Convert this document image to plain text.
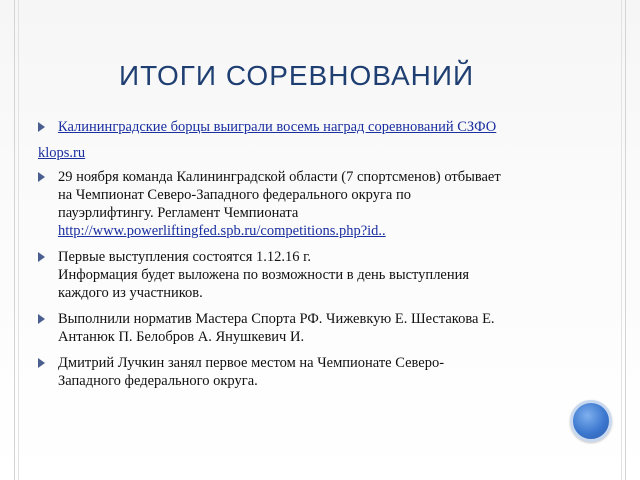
ИТОГИ СОРЕВНОВАНИЙ
Калининградские борцы выиграли восемь наград соревнований СЗФО
klops.ru
29 ноября команда Калининградской области (7 спортсменов) отбывает
на Чемпионат Северо-Западного федерального округа по
пауэрлифтингу. Регламент Чемпионата
http://www.powerliftingfed.spb.ru/competitions.php?id..
Первые выступления состоятся 1.12.16 г.
Информация будет выложена по возможности в день выступления
каждого из участников.
Выполнили норматив Мастера Спорта РФ. Чижевкую Е. Шестакова Е.
Антанюк П. Белобров А. Янушкевич И.
Дмитрий Лучкин занял первое местом на Чемпионате Северо-
Западного федерального округа.
